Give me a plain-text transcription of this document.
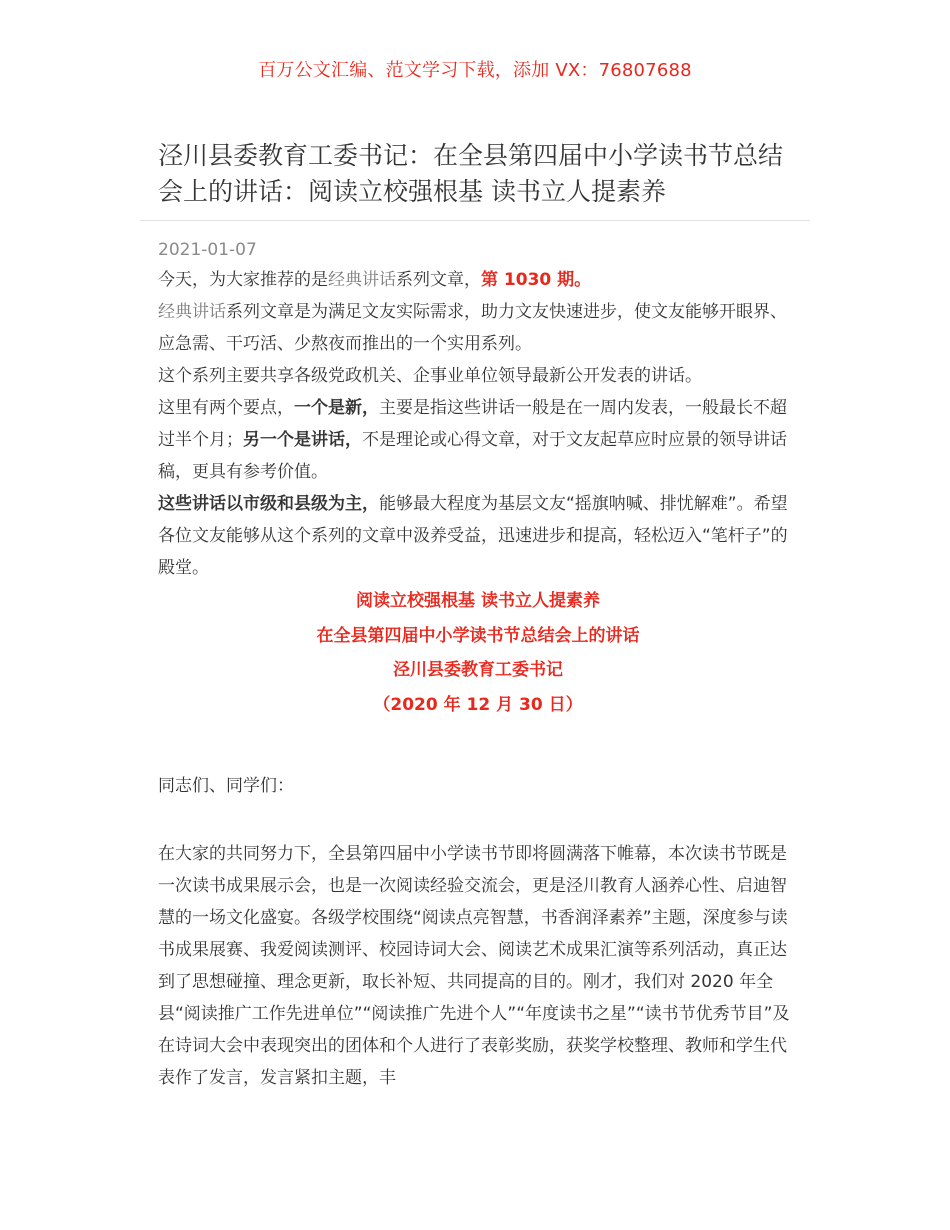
百万公文汇编、范文学习下载，添加 VX：76807688
泾川县委教育工委书记：在全县第四届中小学读书节总结会上的讲话：阅读立校强根基 读书立人提素养
2021-01-07

今天，为大家推荐的是经典讲话系列文章，第 1030 期。

经典讲话系列文章是为满足文友实际需求，助力文友快速进步，使文友能够开眼界、应急需、干巧活、少熬夜而推出的一个实用系列。

这个系列主要共享各级党政机关、企事业单位领导最新公开发表的讲话。

这里有两个要点，一个是新，主要是指这些讲话一般是在一周内发表，一般最长不超过半个月；另一个是讲话，不是理论或心得文章，对于文友起草应时应景的领导讲话稿，更具有参考价值。

这些讲话以市级和县级为主，能够最大程度为基层文友“摇旗呐喊、排忧解难”。希望各位文友能够从这个系列的文章中汲养受益，迅速进步和提高，轻松迈入“笔杆子”的殿堂。

阅读立校强根基 读书立人提素养

在全县第四届中小学读书节总结会上的讲话

泾川县委教育工委书记

（2020 年 12 月 30 日）

同志们、同学们：

在大家的共同努力下，全县第四届中小学读书节即将圆满落下帷幕，本次读书节既是一次读书成果展示会，也是一次阅读经验交流会，更是泾川教育人涵养心性、启迪智慧的一场文化盛宴。各级学校围绕“阅读点亮智慧，书香润泽素养”主题，深度参与读书成果展赛、我爱阅读测评、校园诗词大会、阅读艺术成果汇演等系列活动，真正达到了思想碰撞、理念更新，取长补短、共同提高的目的。刚才，我们对 2020 年全县“阅读推广工作先进单位”“阅读推广先进个人”“年度读书之星”“读书节优秀节目”及在诗词大会中表现突出的团体和个人进行了表彰奖励，获奖学校整理、教师和学生代表作了发言，发言紧扣主题，丰
